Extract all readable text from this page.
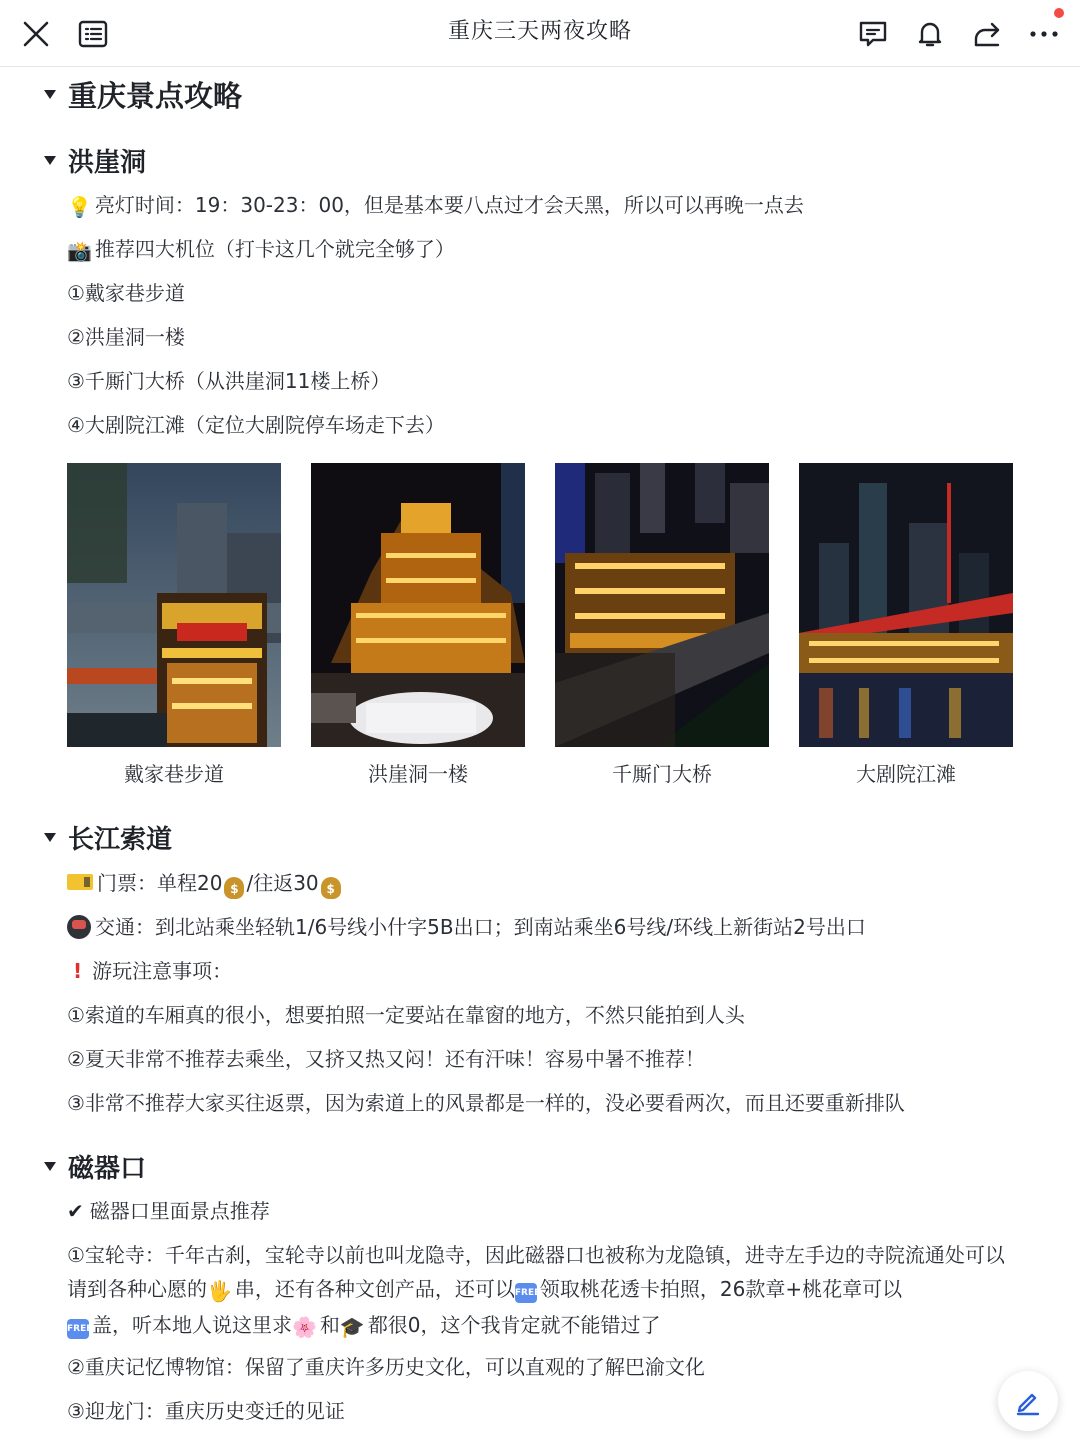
重庆三天两夜攻略
重庆景点攻略
洪崖洞
💡 亮灯时间：19：30-23：00，但是基本要八点过才会天黑，所以可以再晚一点去
📸 推荐四大机位（打卡这几个就完全够了）
①戴家巷步道
②洪崖洞一楼
③千厮门大桥（从洪崖洞11楼上桥）
④大剧院江滩（定位大剧院停车场走下去）
戴家巷步道	洪崖洞一楼	千厮门大桥	大剧院江滩
长江索道
门票：单程20 $ /往返30 $
交通：到北站乘坐轻轨1/6号线小什字5B出口；到南站乘坐6号线/环线上新街站2号出口
! 游玩注意事项：
①索道的车厢真的很小，想要拍照一定要站在靠窗的地方，不然只能拍到人头
②夏天非常不推荐去乘坐，又挤又热又闷！还有汗味！容易中暑不推荐！
③非常不推荐大家买往返票，因为索道上的风景都是一样的，没必要看两次，而且还要重新排队
磁器口
✔ 磁器口里面景点推荐
①宝轮寺：千年古刹，宝轮寺以前也叫龙隐寺，因此磁器口也被称为龙隐镇，进寺左手边的寺院流通处可以请到各种心愿的🖐 串，还有各种文创产品，还可以FREE领取桃花透卡拍照，26款章+桃花章可以
FREE盖，听本地人说这里求🌸 和🎓 都很0，这个我肯定就不能错过了
②重庆记忆博物馆：保留了重庆许多历史文化，可以直观的了解巴渝文化
③迎龙门：重庆历史变迁的见证
